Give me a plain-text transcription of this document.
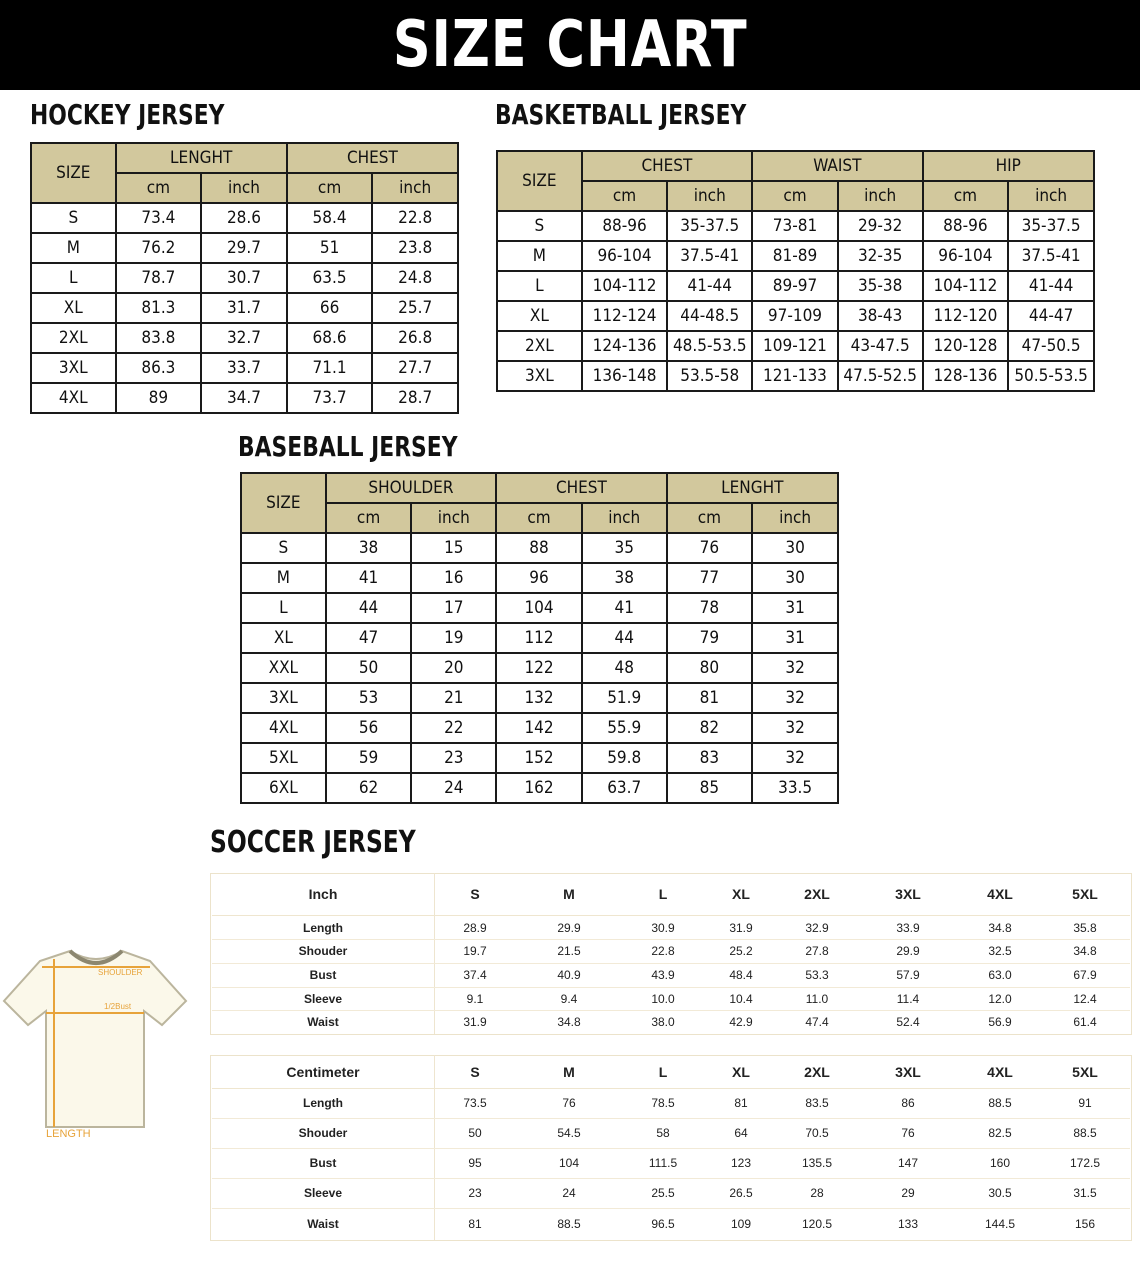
SIZE CHART
HOCKEY JERSEY
SIZE	LENGHT		CHEST	
	cm	inch	cm	inch
S	73.4	28.6	58.4	22.8
M	76.2	29.7	51	23.8
L	78.7	30.7	63.5	24.8
XL	81.3	31.7	66	25.7
2XL	83.8	32.7	68.6	26.8
3XL	86.3	33.7	71.1	27.7
4XL	89	34.7	73.7	28.7
BASKETBALL JERSEY
SIZE	CHEST		WAIST		HIP	
	cm	inch	cm	inch	cm	inch
S	88-96	35-37.5	73-81	29-32	88-96	35-37.5
M	96-104	37.5-41	81-89	32-35	96-104	37.5-41
L	104-112	41-44	89-97	35-38	104-112	41-44
XL	112-124	44-48.5	97-109	38-43	112-120	44-47
2XL	124-136	48.5-53.5	109-121	43-47.5	120-128	47-50.5
3XL	136-148	53.5-58	121-133	47.5-52.5	128-136	50.5-53.5
BASEBALL JERSEY
SIZE	SHOULDER		CHEST		LENGHT	
	cm	inch	cm	inch	cm	inch
S	38	15	88	35	76	30
M	41	16	96	38	77	30
L	44	17	104	41	78	31
XL	47	19	112	44	79	31
XXL	50	20	122	48	80	32
3XL	53	21	132	51.9	81	32
4XL	56	22	142	55.9	82	32
5XL	59	23	152	59.8	83	32
6XL	62	24	162	63.7	85	33.5
SOCCER JERSEY
SHOULDER
1/2Bust
LENGTH
Inch	S	M	L	XL	2XL	3XL	4XL	5XL
Length	28.9	29.9	30.9	31.9	32.9	33.9	34.8	35.8
Shouder	19.7	21.5	22.8	25.2	27.8	29.9	32.5	34.8
Bust	37.4	40.9	43.9	48.4	53.3	57.9	63.0	67.9
Sleeve	9.1	9.4	10.0	10.4	11.0	11.4	12.0	12.4
Waist	31.9	34.8	38.0	42.9	47.4	52.4	56.9	61.4
Centimeter	S	M	L	XL	2XL	3XL	4XL	5XL
Length	73.5	76	78.5	81	83.5	86	88.5	91
Shouder	50	54.5	58	64	70.5	76	82.5	88.5
Bust	95	104	111.5	123	135.5	147	160	172.5
Sleeve	23	24	25.5	26.5	28	29	30.5	31.5
Waist	81	88.5	96.5	109	120.5	133	144.5	156
